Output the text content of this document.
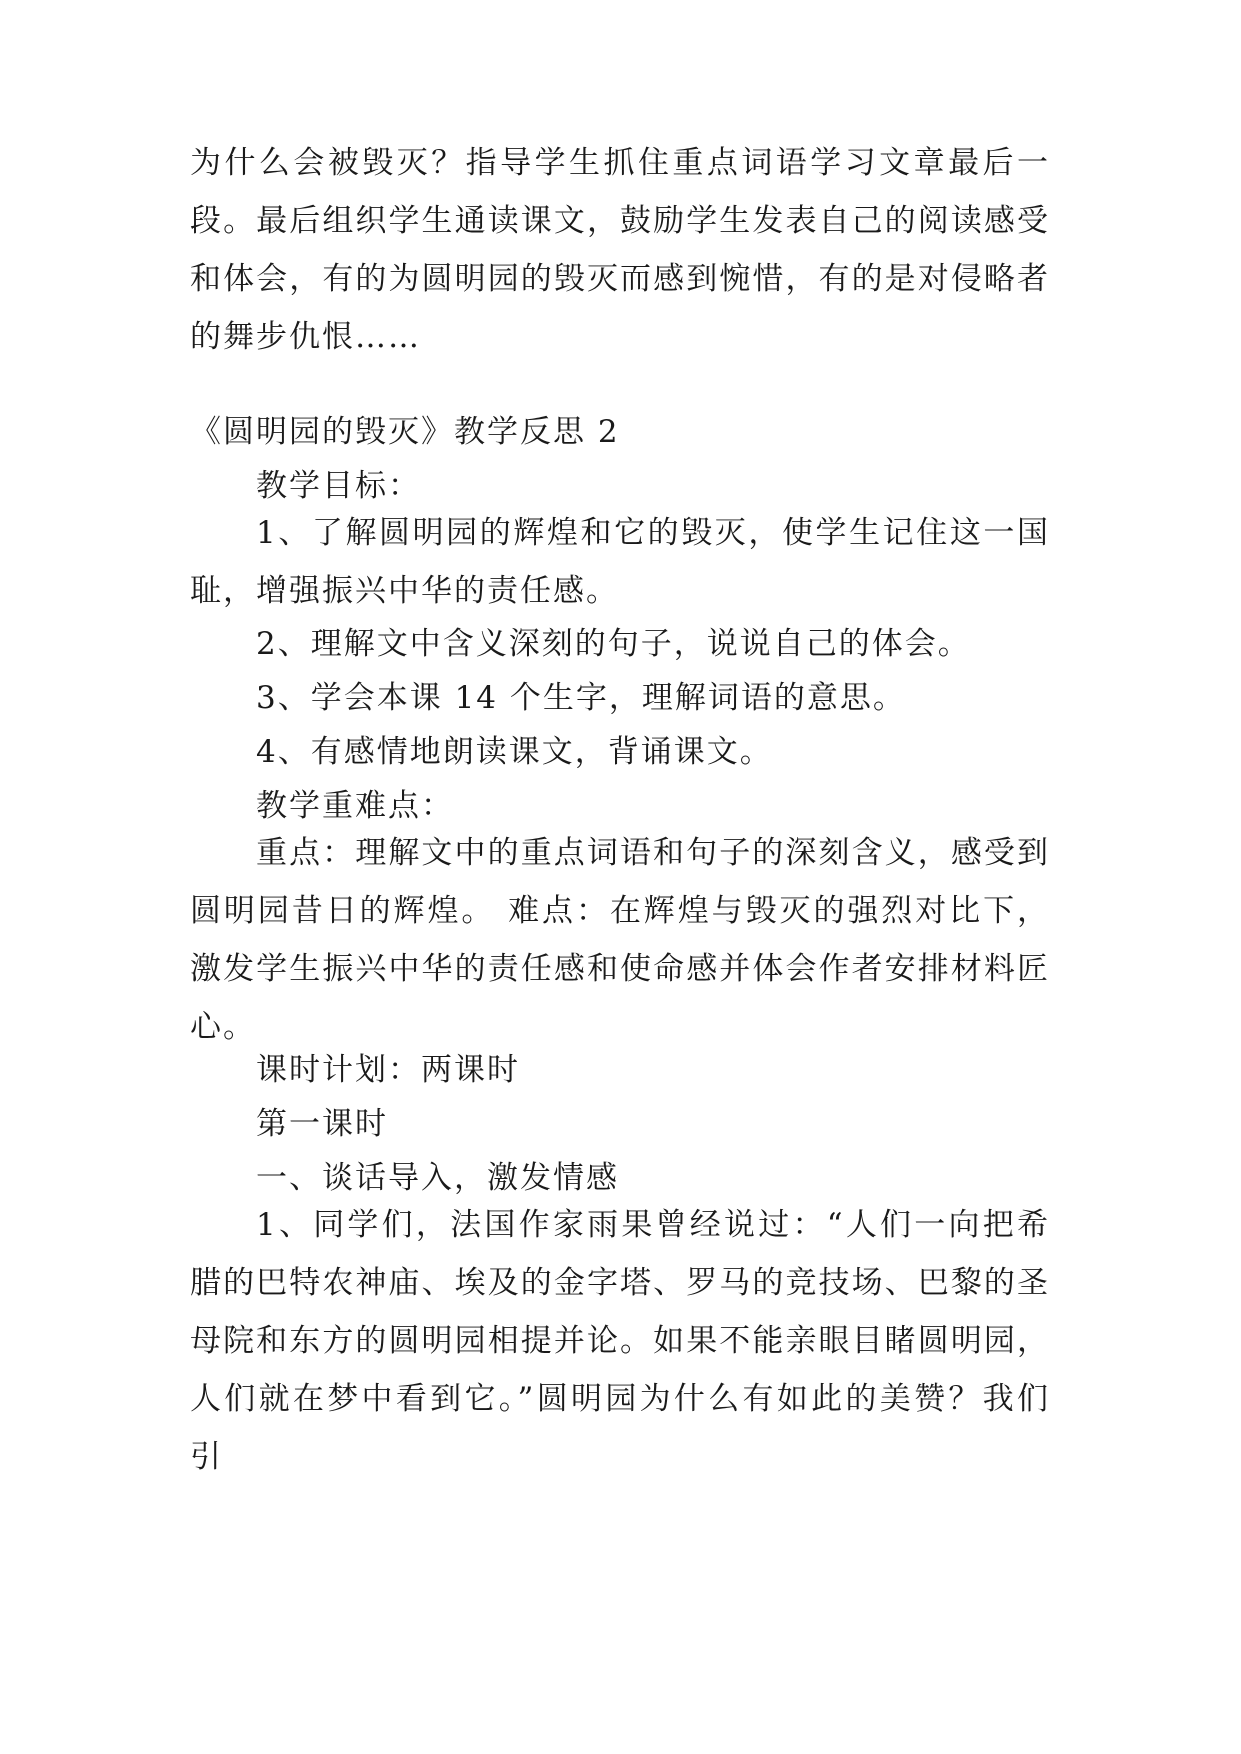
为什么会被毁灭？指导学生抓住重点词语学习文章最后一段。最后组织学生通读课文，鼓励学生发表自己的阅读感受和体会，有的为圆明园的毁灭而感到惋惜，有的是对侵略者的舞步仇恨……
《圆明园的毁灭》教学反思 2
教学目标：
1、了解圆明园的辉煌和它的毁灭，使学生记住这一国耻，增强振兴中华的责任感。
2、理解文中含义深刻的句子，说说自己的体会。
3、学会本课 14 个生字，理解词语的意思。
4、有感情地朗读课文，背诵课文。
教学重难点：
重点：理解文中的重点词语和句子的深刻含义，感受到圆明园昔日的辉煌。 难点：在辉煌与毁灭的强烈对比下，激发学生振兴中华的责任感和使命感并体会作者安排材料匠心。
课时计划：两课时
第一课时
一、谈话导入，激发情感
1、同学们，法国作家雨果曾经说过：“人们一向把希腊的巴特农神庙、埃及的金字塔、罗马的竞技场、巴黎的圣母院和东方的圆明园相提并论。如果不能亲眼目睹圆明园，人们就在梦中看到它。”圆明园为什么有如此的美赞？我们引
